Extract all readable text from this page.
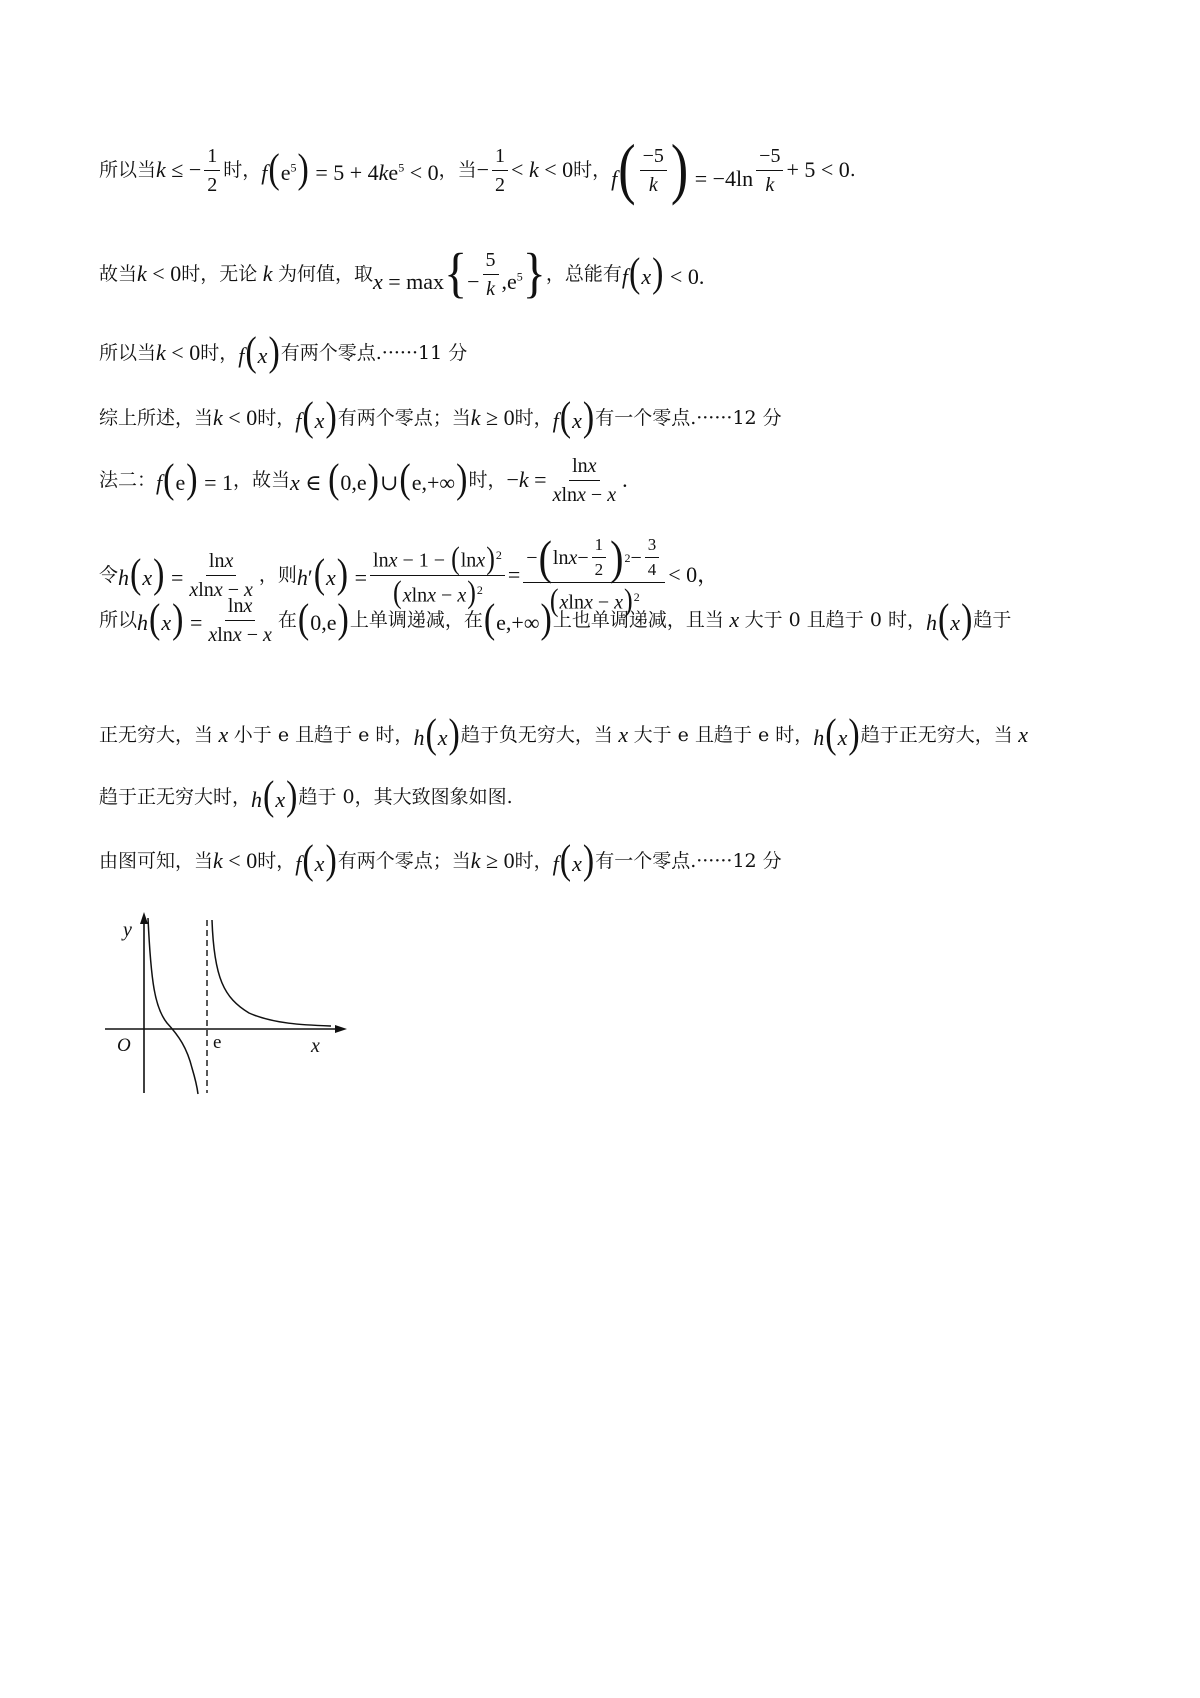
所以当 k ≤ − $\frac{1}{2}$ 时， $f(e^5) = 5 + 4ke^5 < 0$ ，当 − $\frac{1}{2} < k < 0$ 时， $f( \frac{-5}{k}$ ) = $-4\ln \frac{-5}{k} + 5 < 0$ .
故当 k < 0 时，无论 k 为何值，取 $x = \max\{- \frac{5}{k} ,e^5\}$ ，总能有 f(x) < 0.
所以当 k < 0 时， f(x) 有两个零点.······11 分
综上所述，当 k < 0 时， f(x) 有两个零点；当 k ≥ 0 时， f(x) 有一个零点.······12 分
法二： f(e) = 1 ，故当 x ∈ (0,e)∪(e,+∞) 时， $-k = \frac{\ln x}{xlnx - x}$ .
令 $h(x) = \frac{\ln x}{xlnx - x}$ ，则 $h'(x) = \frac{\ln x - 1 - (\ln x)^2}{(xlnx - x)^2} = \frac{- ( \ln x - \frac{1}{2} ) 2 - \frac{3}{4}}{(xlnx - x)^2} < 0$，
所以 $h(x) = \frac{\ln x}{xlnx - x}$ 在 (0,e) 上单调递减，在 (e,+∞) 上也单调递减，且当 x 大于 0 且趋于 0 时， h(x) 趋于
正无穷大，当 x 小于 e 且趋于 e 时， h(x) 趋于负无穷大，当 x 大于 e 且趋于 e 时， h(x) 趋于正无穷大，当 x
趋于正无穷大时， h(x) 趋于 0，其大致图象如图.
由图可知，当 k < 0 时， f(x) 有两个零点；当 k ≥ 0 时， f(x) 有一个零点.······12 分
y
x
O	e
